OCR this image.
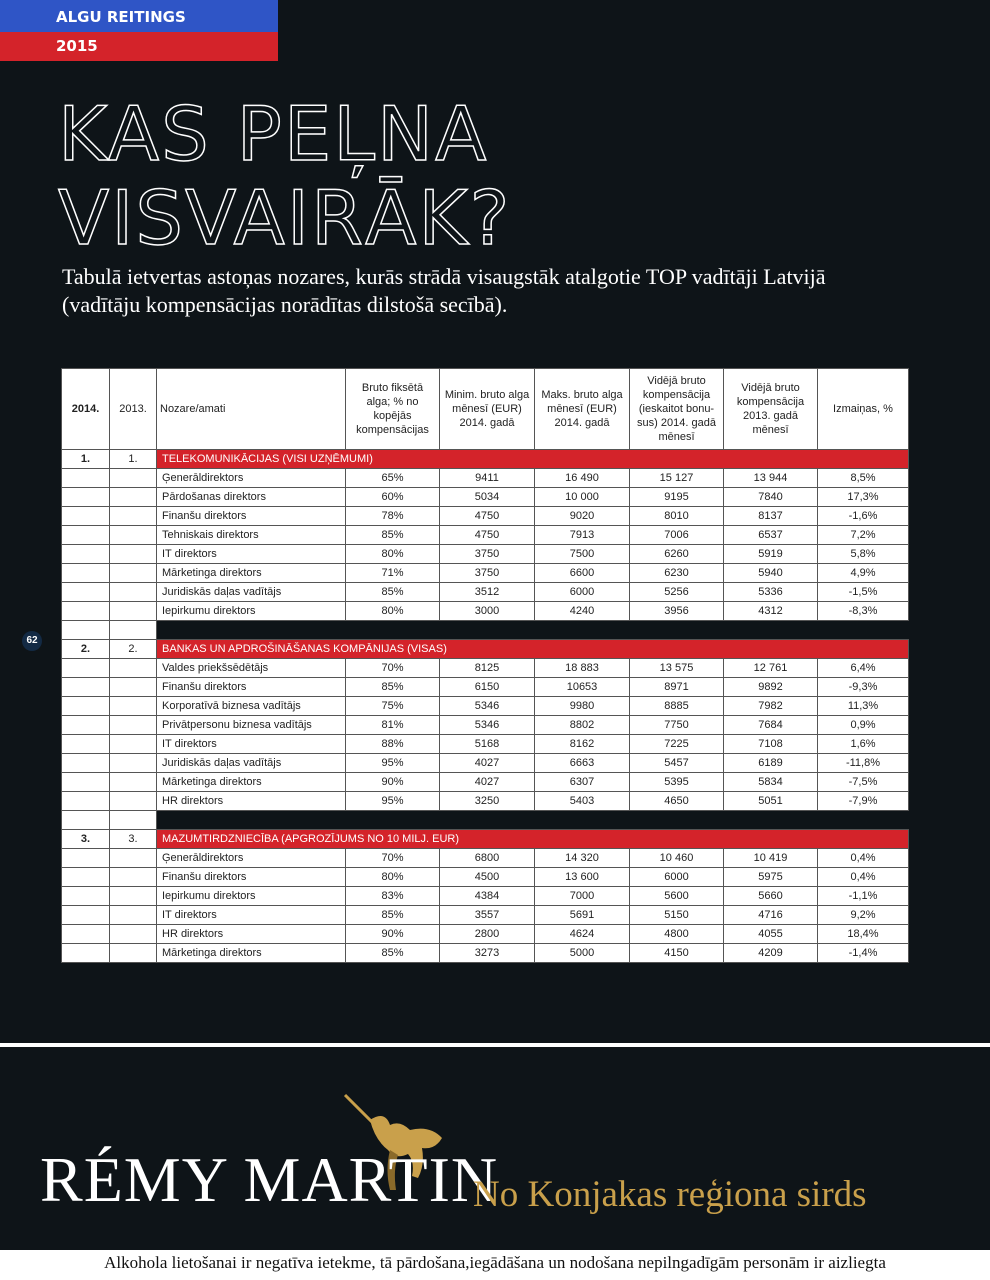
ALGU REITINGS
2015
KAS PEĻNA
VISVAIRĀK?
Tabulā ietvertas astoņas nozares, kurās strādā visaugstāk atalgotie TOP vadītāji Latvijā (vadītāju kompensācijas norādītas dilstošā secībā).
62
2014.	2013.	Nozare/amati	Bruto fiksētā alga; % no kopējās kompensācijas	Minim. bruto alga mēnesī (EUR) 2014. gadā	Maks. bruto alga mēnesī (EUR) 2014. gadā	Vidējā bruto kompensācija (ieskaitot bonu-sus) 2014. gadā mēnesī	Vidējā bruto kompensācija 2013. gadā mēnesī	Izmaiņas, %
1.	1.	TELEKOMUNIKĀCIJAS (VISI UZŅĒMUMI)						
		Ģenerāldirektors	65%	9411	16 490	15 127	13 944	8,5%
		Pārdošanas direktors	60%	5034	10 000	9195	7840	17,3%
		Finanšu direktors	78%	4750	9020	8010	8137	-1,6%
		Tehniskais direktors	85%	4750	7913	7006	6537	7,2%
		IT direktors	80%	3750	7500	6260	5919	5,8%
		Mārketinga direktors	71%	3750	6600	6230	5940	4,9%
		Juridiskās daļas vadītājs	85%	3512	6000	5256	5336	-1,5%
		Iepirkumu direktors	80%	3000	4240	3956	4312	-8,3%

2.	2.	BANKAS UN APDROŠINĀŠANAS KOMPĀNIJAS (VISAS)						
		Valdes priekšsēdētājs	70%	8125	18 883	13 575	12 761	6,4%
		Finanšu direktors	85%	6150	10653	8971	9892	-9,3%
		Korporatīvā biznesa vadītājs	75%	5346	9980	8885	7982	11,3%
		Privātpersonu biznesa vadītājs	81%	5346	8802	7750	7684	0,9%
		IT direktors	88%	5168	8162	7225	7108	1,6%
		Juridiskās daļas vadītājs	95%	4027	6663	5457	6189	-11,8%
		Mārketinga direktors	90%	4027	6307	5395	5834	-7,5%
		HR direktors	95%	3250	5403	4650	5051	-7,9%

3.	3.	MAZUMTIRDZNIECĪBA (APGROZĪJUMS NO 10 MILJ. EUR)						
		Ģenerāldirektors	70%	6800	14 320	10 460	10 419	0,4%
		Finanšu direktors	80%	4500	13 600	6000	5975	0,4%
		Iepirkumu direktors	83%	4384	7000	5600	5660	-1,1%
		IT direktors	85%	3557	5691	5150	4716	9,2%
		HR direktors	90%	2800	4624	4800	4055	18,4%
		Mārketinga direktors	85%	3273	5000	4150	4209	-1,4%
RÉMY MARTIN
No Konjakas reģiona sirds
Alkohola lietošanai ir negatīva ietekme, tā pārdošana,iegādāšana un nodošana nepilngadīgām personām ir aizliegta
